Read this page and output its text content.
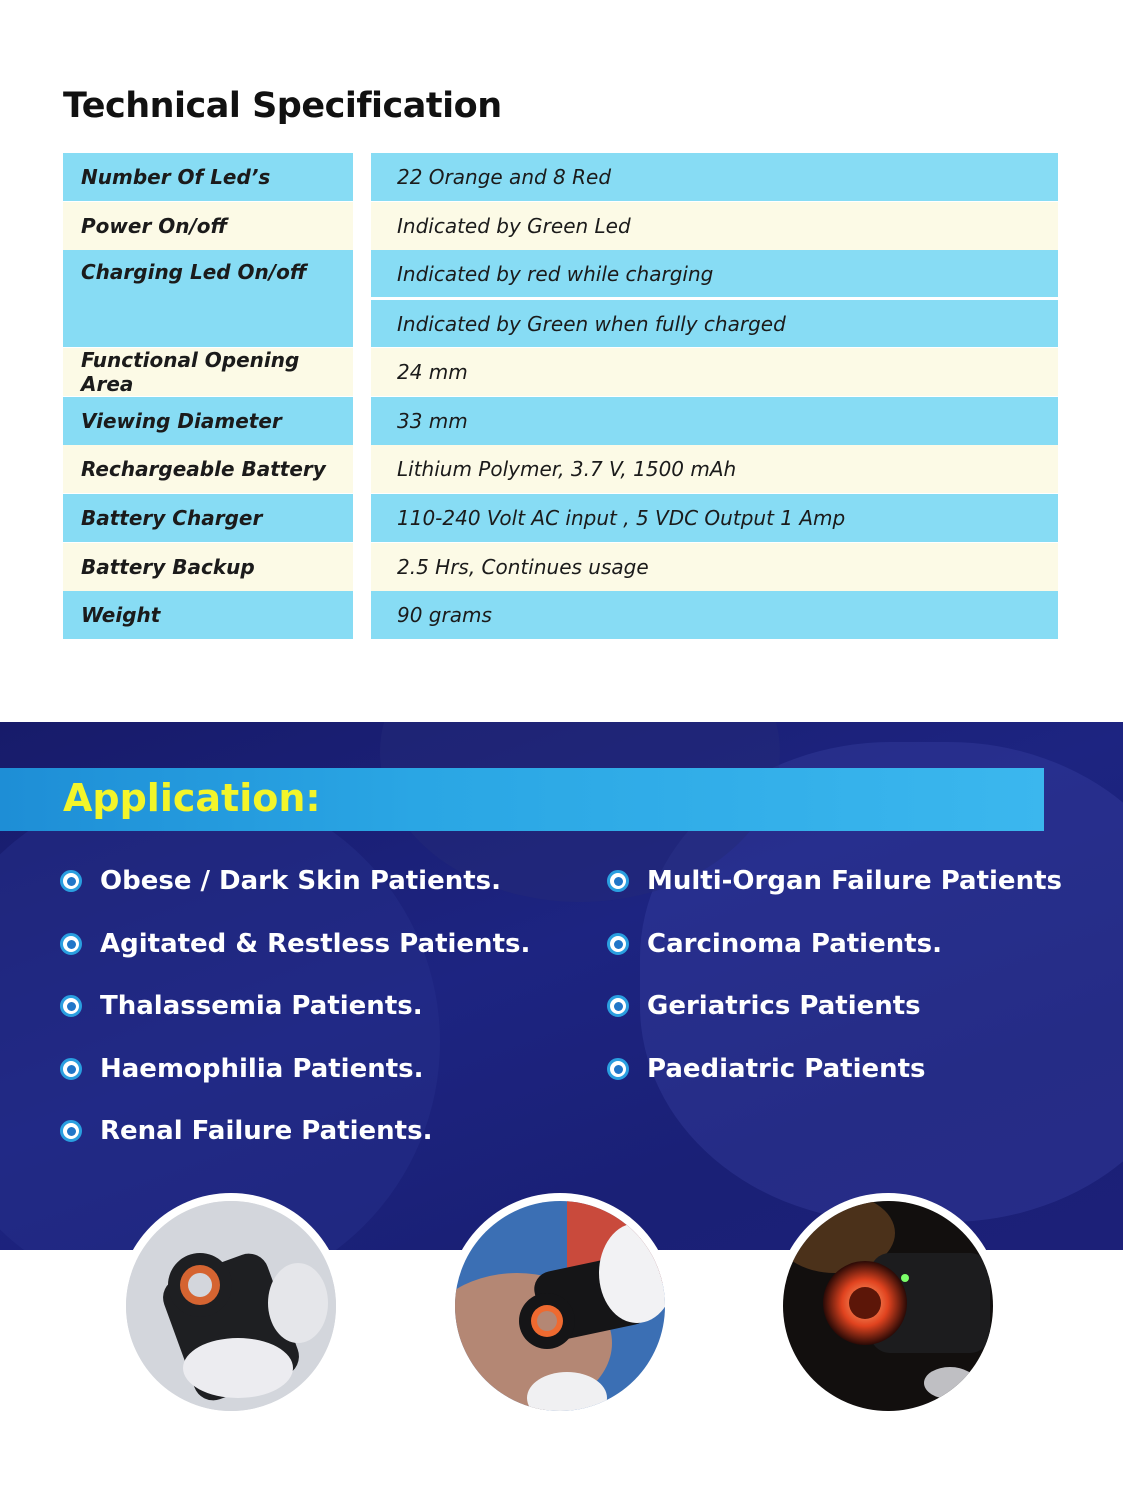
Technical Specification
Number Of Led’s	22 Orange and 8 Red
Power On/off	Indicated by Green Led
Charging Led On/off	Indicated by red while charging
Indicated by Green when fully charged
Functional Opening Area	24 mm
Viewing Diameter	33 mm
Rechargeable Battery	Lithium Polymer, 3.7 V, 1500 mAh
Battery Charger	110-240 Volt AC input , 5 VDC Output 1 Amp
Battery Backup	2.5 Hrs, Continues usage
Weight	90 grams
Application:
Obese / Dark Skin Patients.
Agitated & Restless Patients.
Thalassemia Patients.
Haemophilia Patients.
Renal Failure Patients.
Multi-Organ Failure Patients
Carcinoma Patients.
Geriatrics Patients
Paediatric Patients
